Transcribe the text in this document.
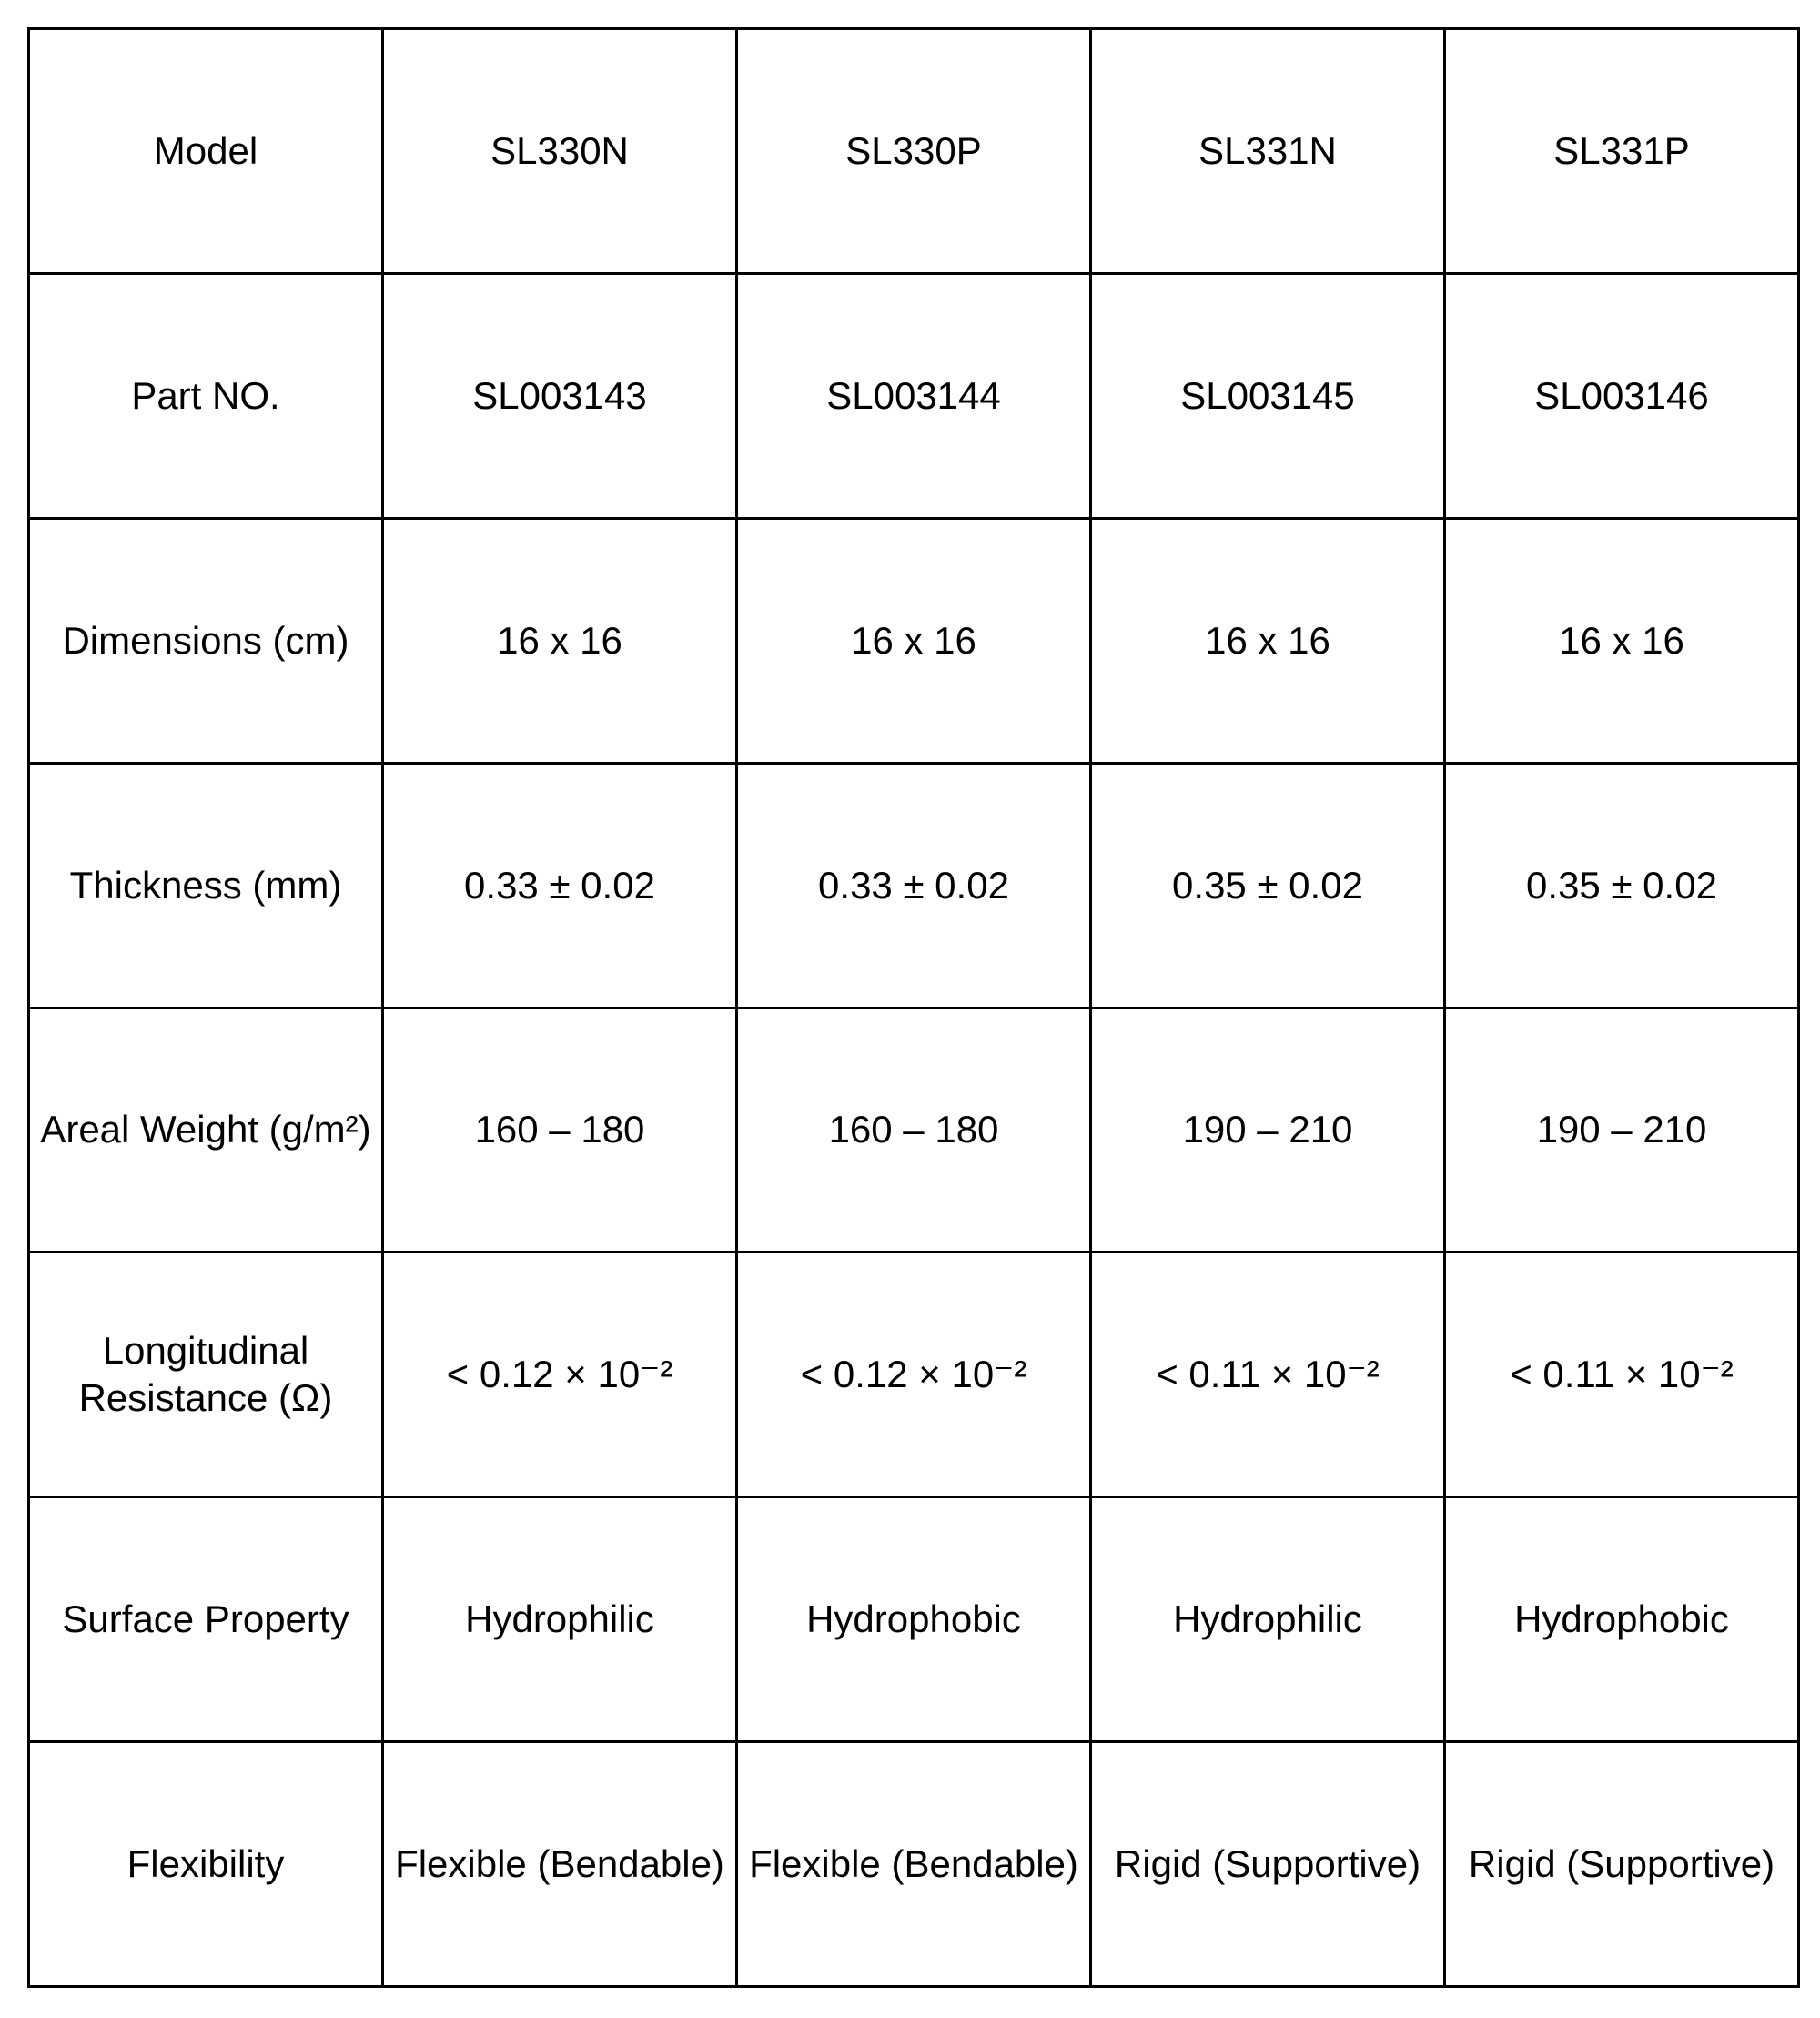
Model	SL330N	SL330P	SL331N	SL331P
Part NO.	SL003143	SL003144	SL003145	SL003146
Dimensions (cm)	16 x 16	16 x 16	16 x 16	16 x 16
Thickness (mm)	0.33 ± 0.02	0.33 ± 0.02	0.35 ± 0.02	0.35 ± 0.02
Areal Weight (g/m²)	160 – 180	160 – 180	190 – 210	190 – 210
Longitudinal
Resistance (Ω)	< 0.12 × 10⁻²	< 0.12 × 10⁻²	< 0.11 × 10⁻²	< 0.11 × 10⁻²
Surface Property	Hydrophilic	Hydrophobic	Hydrophilic	Hydrophobic
Flexibility	Flexible (Bendable)	Flexible (Bendable)	Rigid (Supportive)	Rigid (Supportive)
